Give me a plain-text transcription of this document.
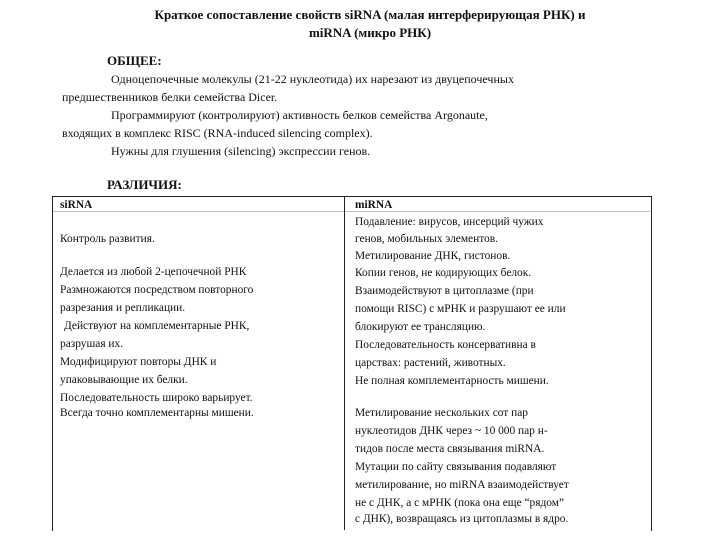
Краткое сопоставление свойств siRNA (малая интерферирующая РНК) и
miRNA (микро РНК)
ОБЩЕЕ:
Одноцепочечные молекулы (21-22 нуклеотида) их нарезают из двуцепочечных
предшественников белки семейства Dicer.
Программируют (контролируют) активность белков семейства Argonaute,
входящих в комплекс RISC (RNA-induced silencing complex).
Нужны для глушения (silencing) экспрессии генов.
РАЗЛИЧИЯ:
siRNA	miRNA
Контроль развития.
Делается из любой 2-цепочечной РНК
Размножаются посредством повторного
разрезания и репликации.
Действуют на комплементарные РНК,
разрушая их.
Модифицируют повторы ДНК и
упаковывающие их белки.
Последовательность широко варьирует.
Всегда точно комплементарны мишени.
Подавление: вирусов, инсерций чужих
генов, мобильных элементов.
Метилирование ДНК, гистонов.
Копии генов, не кодирующих белок.
Взаимодействуют в цитоплазме (при
помощи RISC) с мРНК и разрушают ее или
блокируют ее трансляцию.
Последовательность консервативна в
царствах: растений, животных.
Не полная комплементарность мишени.
Метилирование нескольких сот пар
нуклеотидов ДНК через ~ 10 000 пар н-
тидов после места связывания miRNA.
Мутации по сайту связывания подавляют
метилирование, но miRNA взаимодействует
не с ДНК, а с мРНК (пока она еще “рядом”
с ДНК), возвращаясь из цитоплазмы в ядро.
